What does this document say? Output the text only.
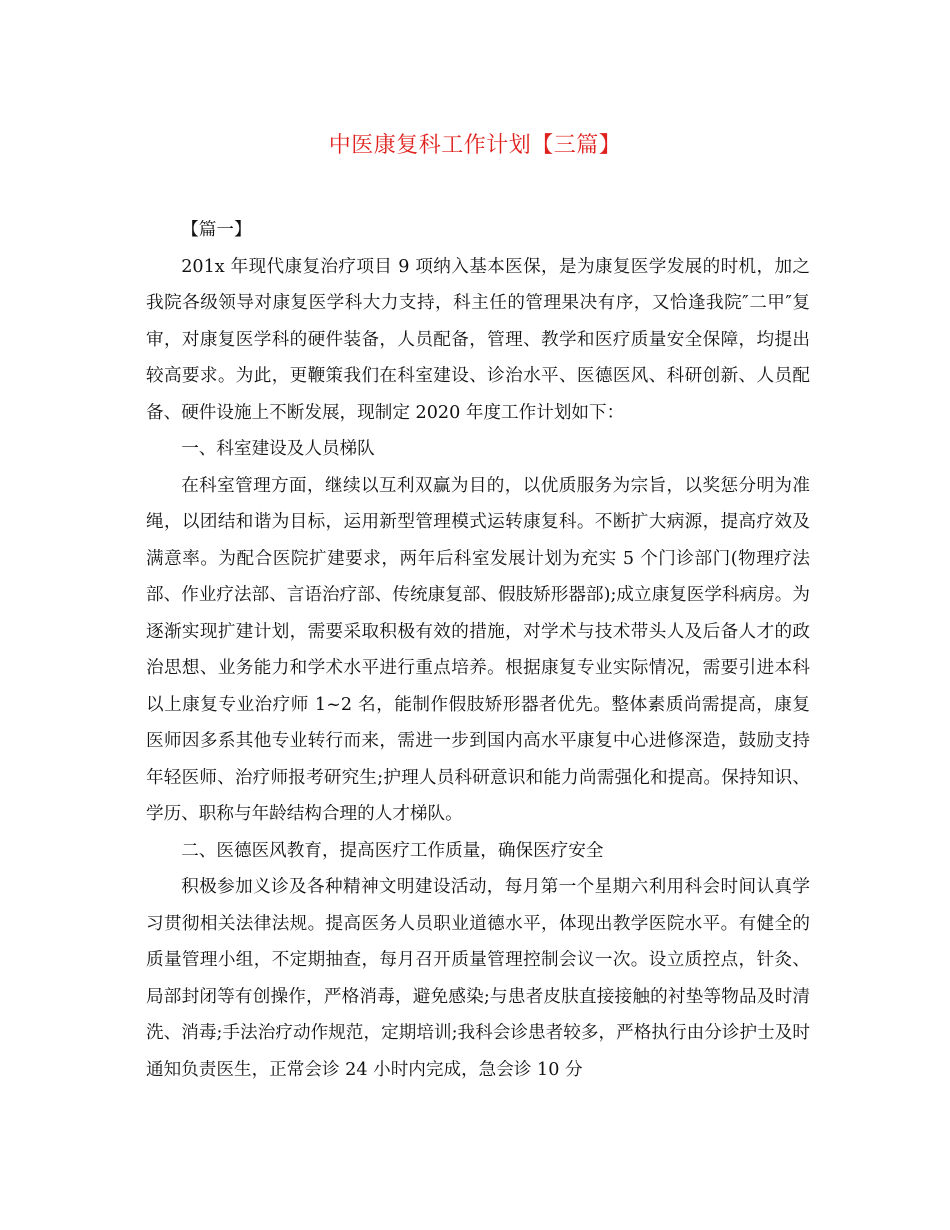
中医康复科工作计划【三篇】

【篇一】

201x 年现代康复治疗项目 9 项纳入基本医保，是为康复医学发展的时机，加之我院各级领导对康复医学科大力支持，科主任的管理果决有序，又恰逢我院″二甲″复审，对康复医学科的硬件装备，人员配备，管理、教学和医疗质量安全保障，均提出较高要求。为此，更鞭策我们在科室建设、诊治水平、医德医风、科研创新、人员配备、硬件设施上不断发展，现制定 2020 年度工作计划如下：

一、科室建设及人员梯队

在科室管理方面，继续以互利双赢为目的，以优质服务为宗旨，以奖惩分明为准绳，以团结和谐为目标，运用新型管理模式运转康复科。不断扩大病源，提高疗效及满意率。为配合医院扩建要求，两年后科室发展计划为充实 5 个门诊部门(物理疗法部、作业疗法部、言语治疗部、传统康复部、假肢矫形器部);成立康复医学科病房。为逐渐实现扩建计划，需要采取积极有效的措施，对学术与技术带头人及后备人才的政治思想、业务能力和学术水平进行重点培养。根据康复专业实际情况，需要引进本科以上康复专业治疗师 1~2 名，能制作假肢矫形器者优先。整体素质尚需提高，康复医师因多系其他专业转行而来，需进一步到国内高水平康复中心进修深造，鼓励支持年轻医师、治疗师报考研究生;护理人员科研意识和能力尚需强化和提高。保持知识、学历、职称与年龄结构合理的人才梯队。

二、医德医风教育，提高医疗工作质量，确保医疗安全

积极参加义诊及各种精神文明建设活动，每月第一个星期六利用科会时间认真学习贯彻相关法律法规。提高医务人员职业道德水平，体现出教学医院水平。有健全的质量管理小组，不定期抽查，每月召开质量管理控制会议一次。设立质控点，针灸、局部封闭等有创操作，严格消毒，避免感染;与患者皮肤直接接触的衬垫等物品及时清洗、消毒;手法治疗动作规范，定期培训;我科会诊患者较多，严格执行由分诊护士及时通知负责医生，正常会诊 24 小时内完成，急会诊 10 分
